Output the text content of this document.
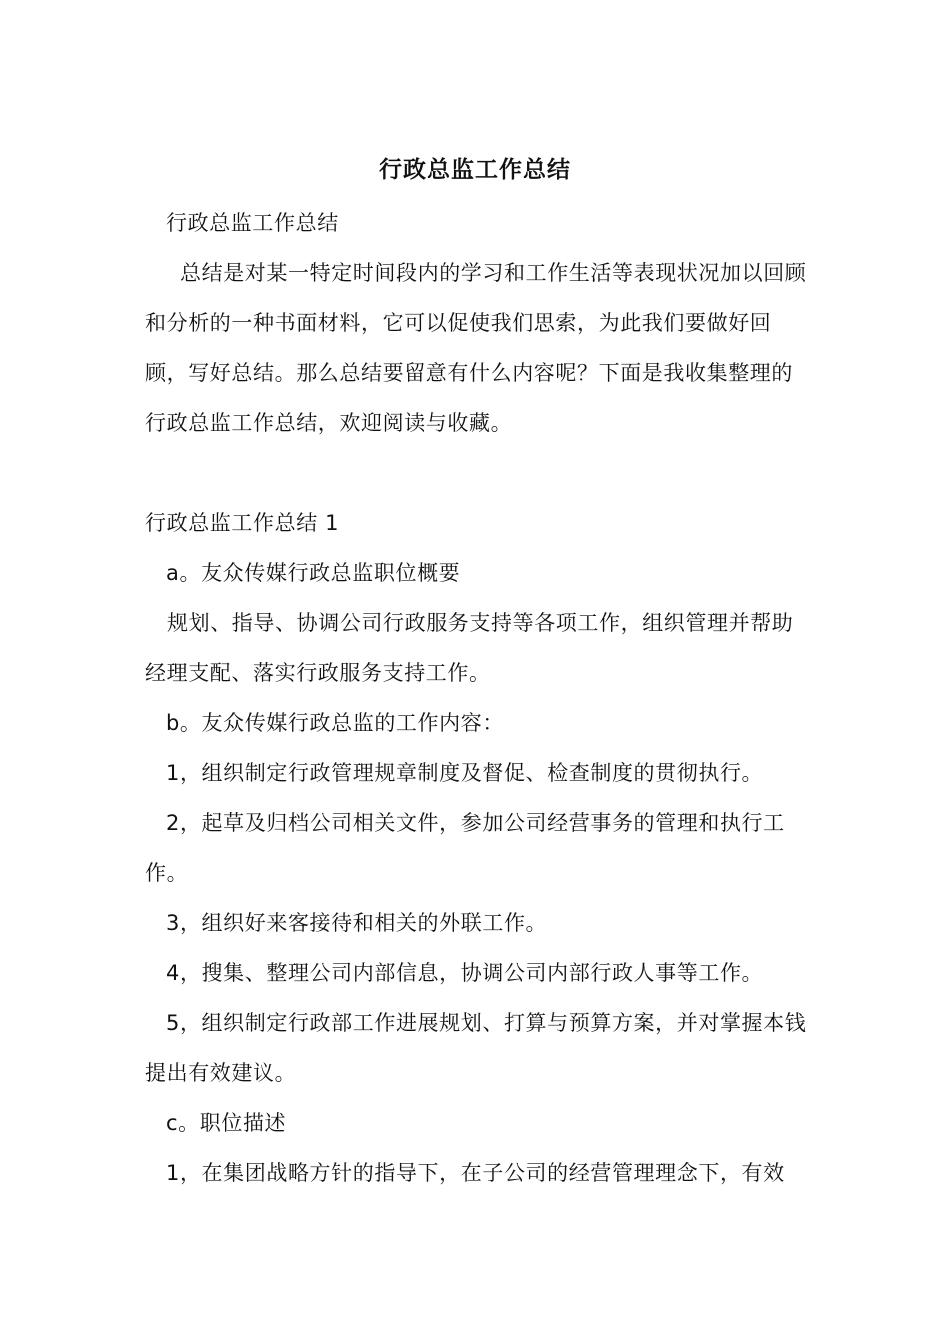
行政总监工作总结

行政总监工作总结

总结是对某一特定时间段内的学习和工作生活等表现状况加以回顾和分析的一种书面材料，它可以促使我们思索，为此我们要做好回顾，写好总结。那么总结要留意有什么内容呢？下面是我收集整理的行政总监工作总结，欢迎阅读与收藏。

行政总监工作总结 1

a。友众传媒行政总监职位概要

规划、指导、协调公司行政服务支持等各项工作，组织管理并帮助经理支配、落实行政服务支持工作。

b。友众传媒行政总监的工作内容：

1，组织制定行政管理规章制度及督促、检查制度的贯彻执行。

2，起草及归档公司相关文件，参加公司经营事务的管理和执行工作。

3，组织好来客接待和相关的外联工作。

4，搜集、整理公司内部信息，协调公司内部行政人事等工作。

5，组织制定行政部工作进展规划、打算与预算方案，并对掌握本钱提出有效建议。

c。职位描述

1，在集团战略方针的指导下，在子公司的经营管理理念下，有效
